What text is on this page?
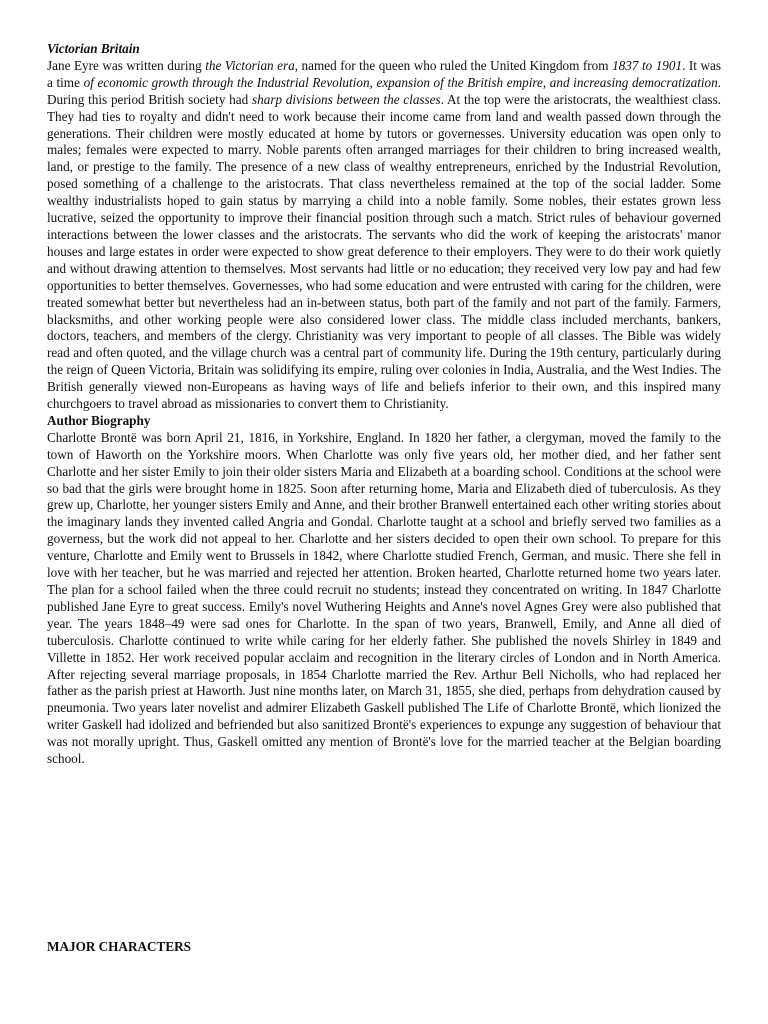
Victorian Britain

Jane Eyre was written during the Victorian era, named for the queen who ruled the United Kingdom from 1837 to 1901. It was a time of economic growth through the Industrial Revolution, expansion of the British empire, and increasing democratization. During this period British society had sharp divisions between the classes. At the top were the aristocrats, the wealthiest class. They had ties to royalty and didn't need to work because their income came from land and wealth passed down through the generations. Their children were mostly educated at home by tutors or governesses. University education was open only to males; females were expected to marry. Noble parents often arranged marriages for their children to bring increased wealth, land, or prestige to the family. The presence of a new class of wealthy entrepreneurs, enriched by the Industrial Revolution, posed something of a challenge to the aristocrats. That class nevertheless remained at the top of the social ladder. Some wealthy industrialists hoped to gain status by marrying a child into a noble family. Some nobles, their estates grown less lucrative, seized the opportunity to improve their financial position through such a match. Strict rules of behaviour governed interactions between the lower classes and the aristocrats. The servants who did the work of keeping the aristocrats' manor houses and large estates in order were expected to show great deference to their employers. They were to do their work quietly and without drawing attention to themselves. Most servants had little or no education; they received very low pay and had few opportunities to better themselves. Governesses, who had some education and were entrusted with caring for the children, were treated somewhat better but nevertheless had an in-between status, both part of the family and not part of the family. Farmers, blacksmiths, and other working people were also considered lower class. The middle class included merchants, bankers, doctors, teachers, and members of the clergy. Christianity was very important to people of all classes. The Bible was widely read and often quoted, and the village church was a central part of community life. During the 19th century, particularly during the reign of Queen Victoria, Britain was solidifying its empire, ruling over colonies in India, Australia, and the West Indies. The British generally viewed non-Europeans as having ways of life and beliefs inferior to their own, and this inspired many churchgoers to travel abroad as missionaries to convert them to Christianity.

Author Biography

Charlotte Brontë was born April 21, 1816, in Yorkshire, England. In 1820 her father, a clergyman, moved the family to the town of Haworth on the Yorkshire moors. When Charlotte was only five years old, her mother died, and her father sent Charlotte and her sister Emily to join their older sisters Maria and Elizabeth at a boarding school. Conditions at the school were so bad that the girls were brought home in 1825. Soon after returning home, Maria and Elizabeth died of tuberculosis. As they grew up, Charlotte, her younger sisters Emily and Anne, and their brother Branwell entertained each other writing stories about the imaginary lands they invented called Angria and Gondal. Charlotte taught at a school and briefly served two families as a governess, but the work did not appeal to her. Charlotte and her sisters decided to open their own school. To prepare for this venture, Charlotte and Emily went to Brussels in 1842, where Charlotte studied French, German, and music. There she fell in love with her teacher, but he was married and rejected her attention. Broken hearted, Charlotte returned home two years later. The plan for a school failed when the three could recruit no students; instead they concentrated on writing. In 1847 Charlotte published Jane Eyre to great success. Emily's novel Wuthering Heights and Anne's novel Agnes Grey were also published that year. The years 1848–49 were sad ones for Charlotte. In the span of two years, Branwell, Emily, and Anne all died of tuberculosis. Charlotte continued to write while caring for her elderly father. She published the novels Shirley in 1849 and Villette in 1852. Her work received popular acclaim and recognition in the literary circles of London and in North America. After rejecting several marriage proposals, in 1854 Charlotte married the Rev. Arthur Bell Nicholls, who had replaced her father as the parish priest at Haworth. Just nine months later, on March 31, 1855, she died, perhaps from dehydration caused by pneumonia. Two years later novelist and admirer Elizabeth Gaskell published The Life of Charlotte Brontë, which lionized the writer Gaskell had idolized and befriended but also sanitized Brontë's experiences to expunge any suggestion of behaviour that was not morally upright. Thus, Gaskell omitted any mention of Brontë's love for the married teacher at the Belgian boarding school.

MAJOR CHARACTERS
